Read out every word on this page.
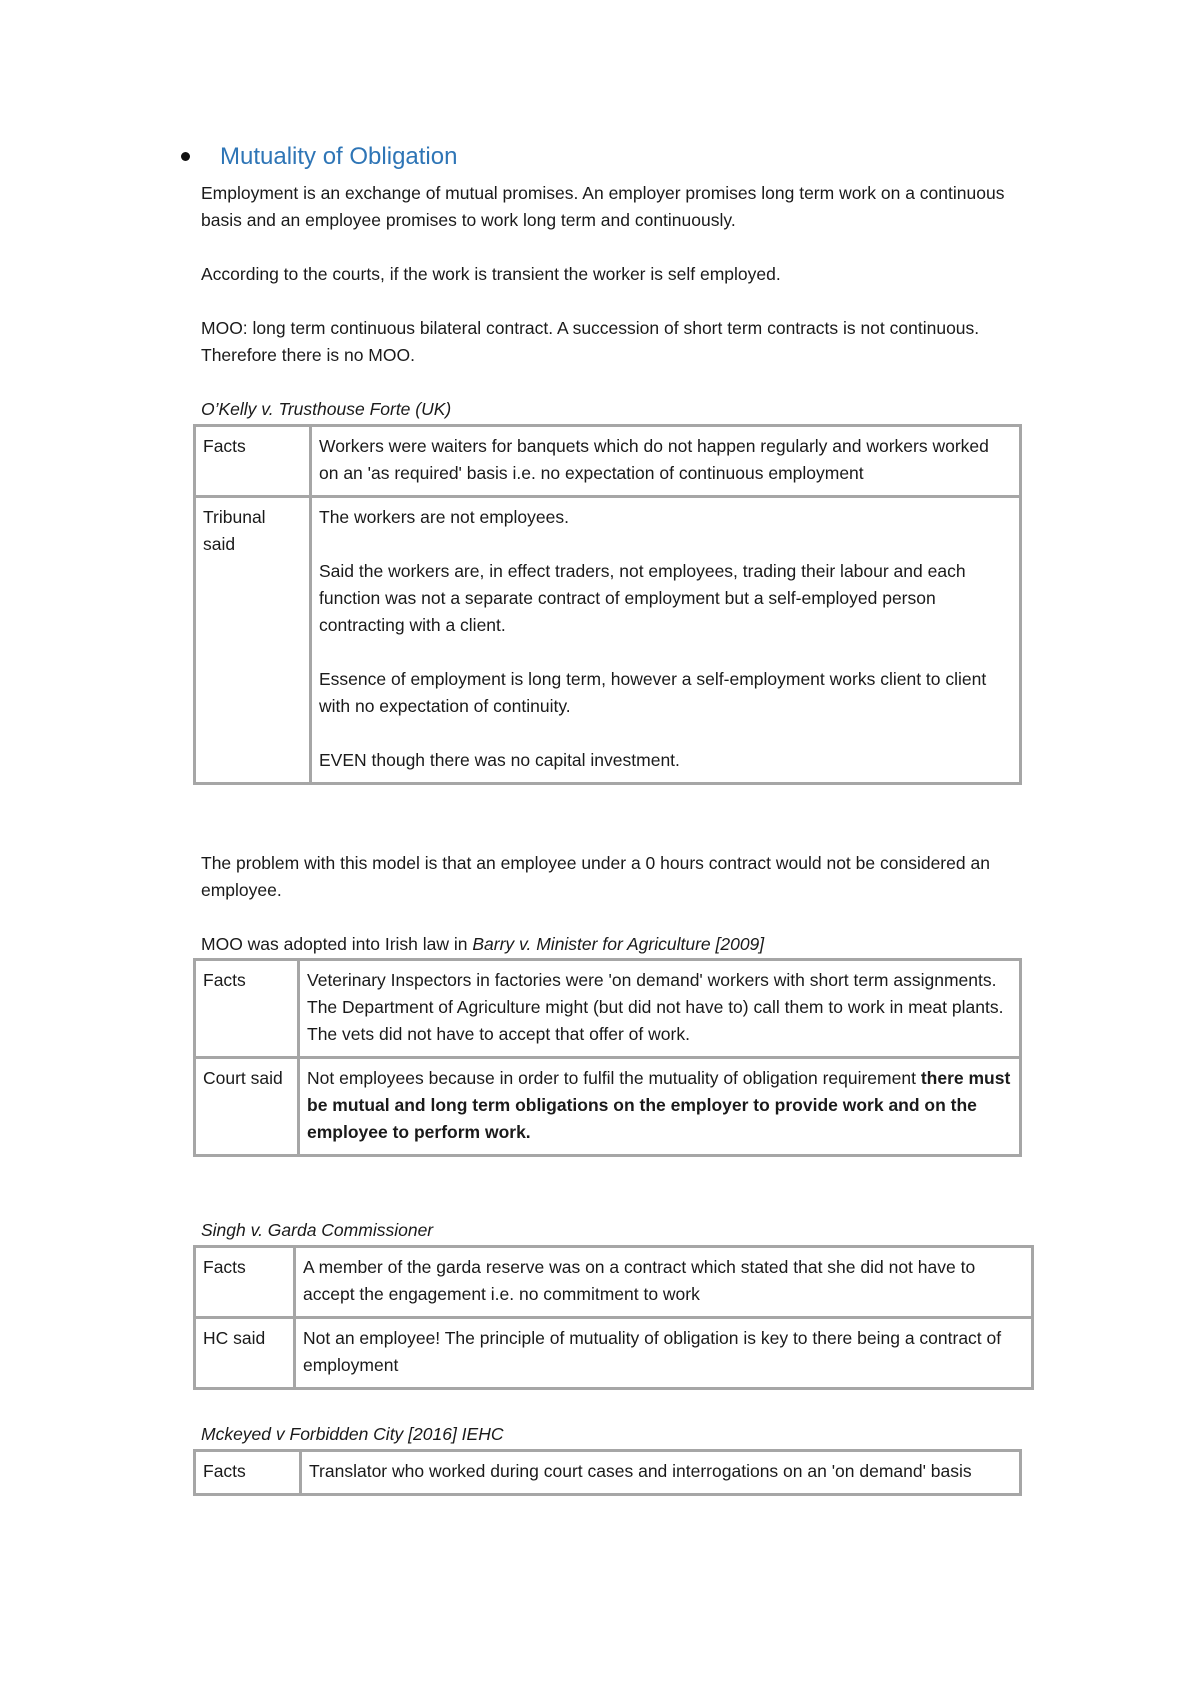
Mutuality of Obligation

Employment is an exchange of mutual promises. An employer promises long term work on a continuous basis and an employee promises to work long term and continuously.

According to the courts, if the work is transient the worker is self employed.

MOO: long term continuous bilateral contract. A succession of short term contracts is not continuous. Therefore there is no MOO.

O’Kelly v. Trusthouse Forte (UK)

Facts	Workers were waiters for banquets which do not happen regularly and workers worked on an 'as required' basis i.e. no expectation of continuous employment
Tribunal said	The workers are not employees.

Said the workers are, in effect traders, not employees, trading their labour and each function was not a separate contract of employment but a self-employed person contracting with a client.

Essence of employment is long term, however a self-employment works client to client with no expectation of continuity.

EVEN though there was no capital investment.

The problem with this model is that an employee under a 0 hours contract would not be considered an employee.

MOO was adopted into Irish law in Barry v. Minister for Agriculture [2009]

Facts	Veterinary Inspectors in factories were 'on demand' workers with short term assignments. The Department of Agriculture might (but did not have to) call them to work in meat plants. The vets did not have to accept that offer of work.
Court said	Not employees because in order to fulfil the mutuality of obligation requirement there must be mutual and long term obligations on the employer to provide work and on the employee to perform work.

Singh v. Garda Commissioner

Facts	A member of the garda reserve was on a contract which stated that she did not have to accept the engagement i.e. no commitment to work
HC said	Not an employee! The principle of mutuality of obligation is key to there being a contract of employment

Mckeyed v Forbidden City [2016] IEHC

Facts	Translator who worked during court cases and interrogations on an 'on demand' basis
